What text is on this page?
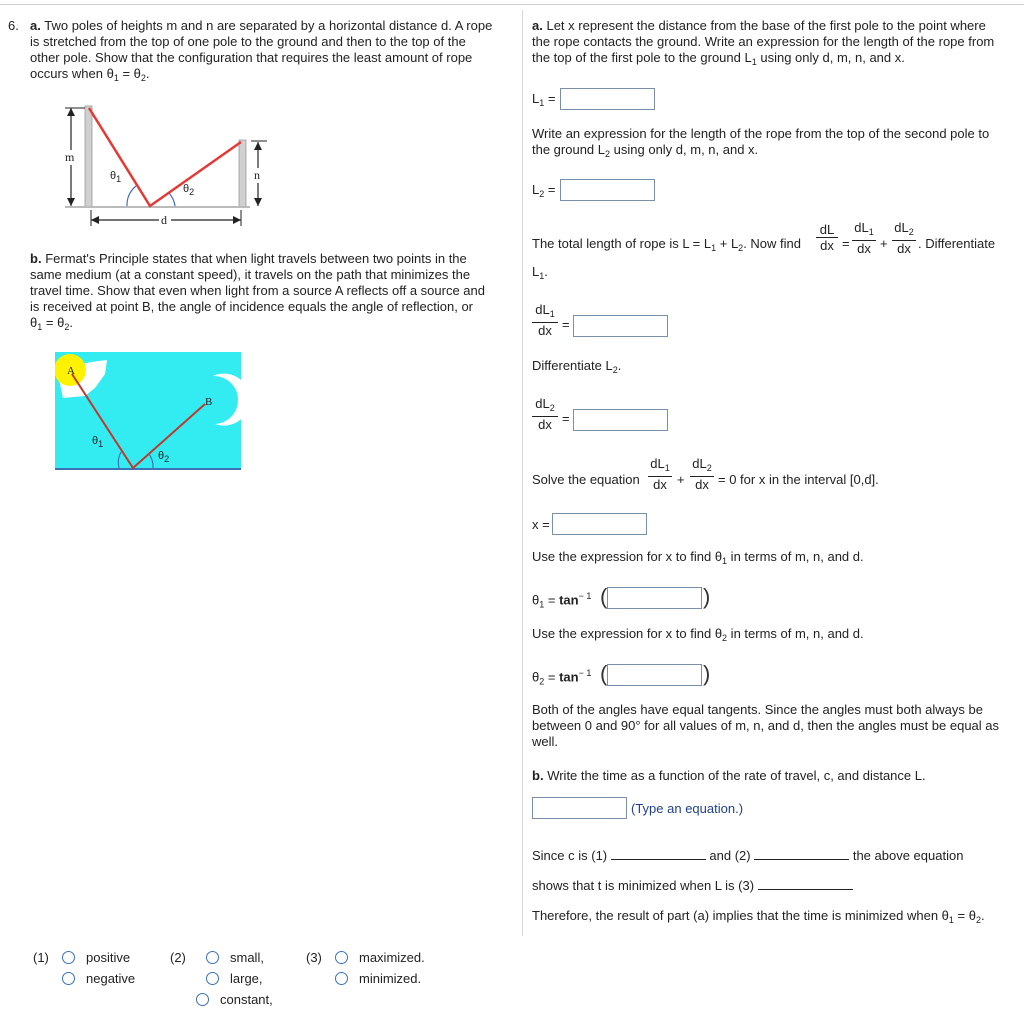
6. a. Two poles of heights m and n are separated by a horizontal distance d. A rope
is stretched from the top of one pole to the ground and then to the top of the
other pole. Show that the configuration that requires the least amount of rope
occurs when $\theta_1 = \theta_2$.
m
n
d
$\theta_1$
$\theta_2$
b. Fermat's Principle states that when light travels between two points in the
same medium (at a constant speed), it travels on the path that minimizes the
travel time. Show that even when light from a source A reflects off a source and
is received at point B, the angle of incidence equals the angle of reflection, or
$\theta_1 = \theta_2$.
A
B
$\theta_1$
$\theta_2$
a. Let x represent the distance from the base of the first pole to the point where
the rope contacts the ground. Write an expression for the length of the rope from
the top of the first pole to the ground $L_1$ using only d, m, n, and x.
$L_1$ =
Write an expression for the length of the rope from the top of the second pole to
the ground $L_2$ using only d, m, n, and x.
$L_2$ =
The total length of rope is $L = L_1 + L_2$. Now find $\frac{dL}{dx} = \frac{dL_1}{dx} + \frac{dL_2}{dx}$ . Differentiate
$L_1$.
$\frac{dL_1}{dx}$ =
Differentiate $L_2$.
$\frac{dL_2}{dx}$ =
Solve the equation $\frac{dL_1}{dx} + \frac{dL_2}{dx} = 0$ for x in the interval [0,d].
x =
Use the expression for x to find $\theta_1$ in terms of m, n, and d.
$\theta_1 = \tan^{- 1}$ (	)
Use the expression for x to find $\theta_2$ in terms of m, n, and d.
$\theta_2 = \tan^{- 1}$ (	)
Both of the angles have equal tangents. Since the angles must both always be
between 0 and 90° for all values of m, n, and d, then the angles must be equal as
well.
b. Write the time as a function of the rate of travel, c, and distance L.
(Type an equation.)
Since c is (1)	and (2)	the above equation
shows that t is minimized when L is (3)
Therefore, the result of part (a) implies that the time is minimized when $\theta_1 = \theta_2$.
(1)	positive
negative
(2)	small,
large,
constant,
(3)	maximized.
minimized.
